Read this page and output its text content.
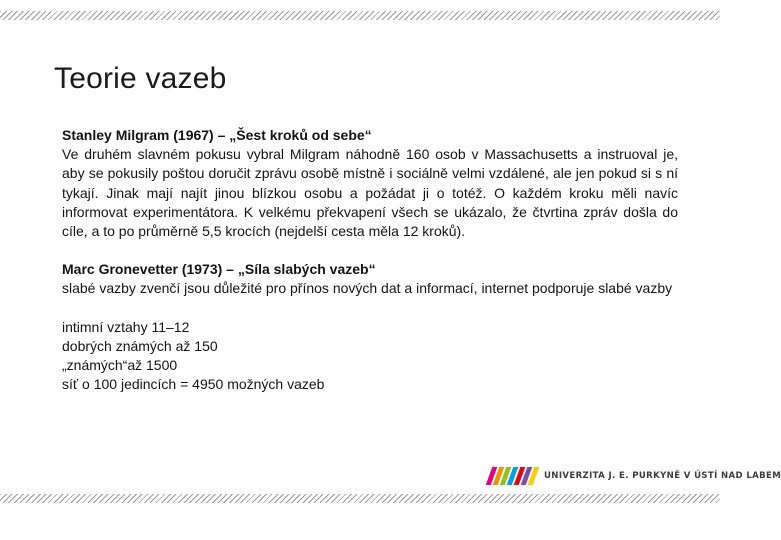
Teorie vazeb

Stanley Milgram (1967) – „Šest kroků od sebe“

Ve druhém slavném pokusu vybral Milgram náhodně 160 osob v Massachusetts a instruoval je, aby se pokusily poštou doručit zprávu osobě místně i sociálně velmi vzdálené, ale jen pokud si s ní tykají. Jinak mají najít jinou blízkou osobu a požádat ji o totéž. O každém kroku měli navíc informovat experimentátora. K velkému překvapení všech se ukázalo, že čtvrtina zpráv došla do cíle, a to po průměrně 5,5 krocích (nejdelší cesta měla 12 kroků).

Marc Gronevetter (1973) – „Síla slabých vazeb“

slabé vazby zvenčí jsou důležité pro přínos nových dat a informací, internet podporuje slabé vazby

intimní vztahy 11–12

dobrých známých až 150

„známých“až 1500

síť o 100 jedincích = 4950 možných vazeb

UNIVERZITA J. E. PURKYNĚ V ÚSTÍ NAD LABEM
